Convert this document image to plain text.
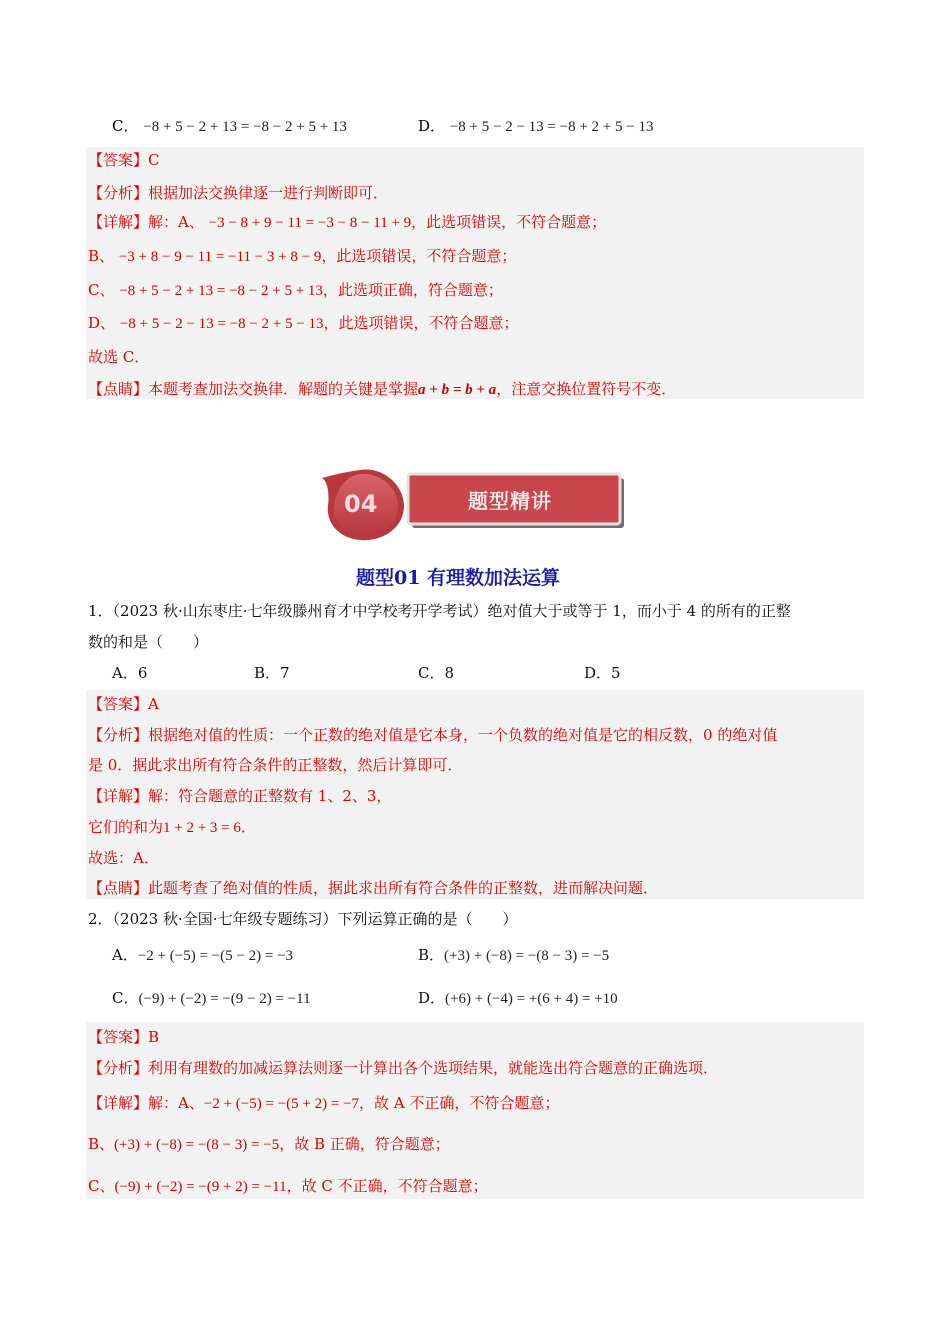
C． −8 + 5 − 2 + 13 = −8 − 2 + 5 + 13	D． −8 + 5 − 2 − 13 = −8 + 2 + 5 − 13
【答案】C
【分析】根据加法交换律逐一进行判断即可．
【详解】解：A、 −3 − 8 + 9 − 11 = −3 − 8 − 11 + 9，此选项错误，不符合题意；
B、 −3 + 8 − 9 − 11 = −11 − 3 + 8 − 9，此选项错误，不符合题意；
C、 −8 + 5 − 2 + 13 = −8 − 2 + 5 + 13，此选项正确，符合题意；
D、 −8 + 5 − 2 − 13 = −8 − 2 + 5 − 13，此选项错误，不符合题意；
故选 C．
【点睛】本题考查加法交换律．解题的关键是掌握a + b = b + a，注意交换位置符号不变．
04	题型精讲
题型01 有理数加法运算
1．（2023 秋·山东枣庄·七年级滕州育才中学校考开学考试）绝对值大于或等于 1，而小于 4 的所有的正整
数的和是（　　）
A．6	B．7	C．8	D．5
【答案】A
【分析】根据绝对值的性质：一个正数的绝对值是它本身，一个负数的绝对值是它的相反数，0 的绝对值
是 0．据此求出所有符合条件的正整数，然后计算即可．
【详解】解：符合题意的正整数有 1、2、3，
它们的和为1 + 2 + 3 = 6．
故选：A．
【点睛】此题考查了绝对值的性质，据此求出所有符合条件的正整数，进而解决问题．
2．（2023 秋·全国·七年级专题练习）下列运算正确的是（　　）
A．−2 + (−5) = −(5 − 2) = −3	B．(+3) + (−8) = −(8 − 3) = −5
C．(−9) + (−2) = −(9 − 2) = −11	D．(+6) + (−4) = +(6 + 4) = +10
【答案】B
【分析】利用有理数的加减运算法则逐一计算出各个选项结果，就能选出符合题意的正确选项．
【详解】解：A、−2 + (−5) = −(5 + 2) = −7，故 A 不正确，不符合题意；
B、(+3) + (−8) = −(8 − 3) = −5，故 B 正确，符合题意；
C、(−9) + (−2) = −(9 + 2) = −11，故 C 不正确，不符合题意；
